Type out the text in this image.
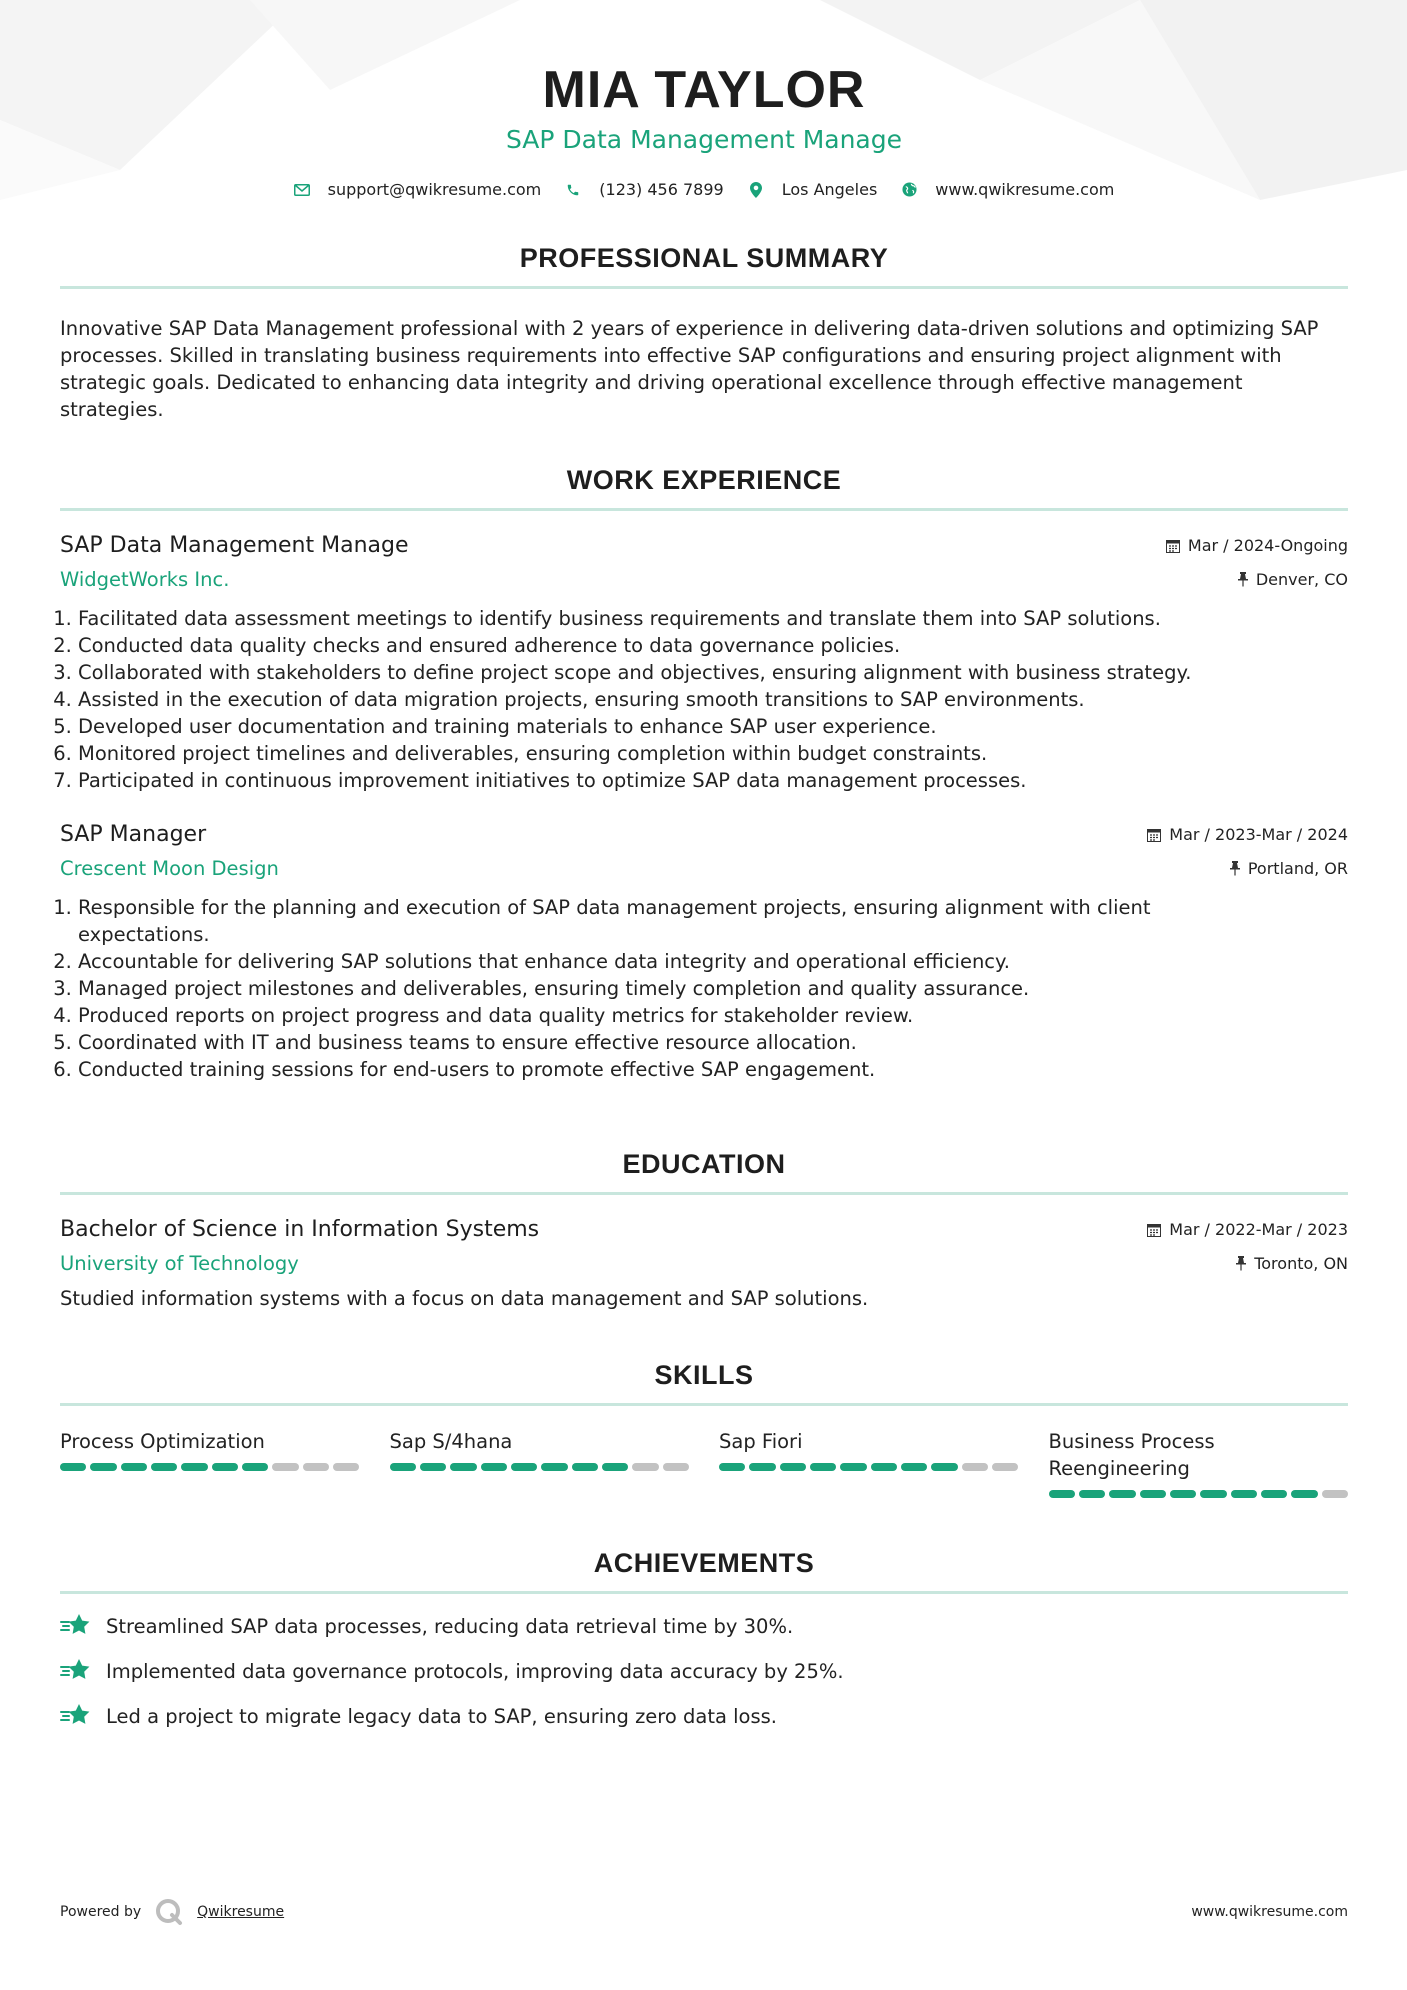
MIA TAYLOR
SAP Data Management Manage
support@qwikresume.com	(123) 456 7899	Los Angeles	www.qwikresume.com
PROFESSIONAL SUMMARY
Innovative SAP Data Management professional with 2 years of experience in delivering data-driven solutions and optimizing SAP processes. Skilled in translating business requirements into effective SAP configurations and ensuring project alignment with strategic goals. Dedicated to enhancing data integrity and driving operational excellence through effective management strategies.
WORK EXPERIENCE
SAP Data Management Manage	Mar / 2024-Ongoing
WidgetWorks Inc.	Denver, CO
1. Facilitated data assessment meetings to identify business requirements and translate them into SAP solutions.
2. Conducted data quality checks and ensured adherence to data governance policies.
3. Collaborated with stakeholders to define project scope and objectives, ensuring alignment with business strategy.
4. Assisted in the execution of data migration projects, ensuring smooth transitions to SAP environments.
5. Developed user documentation and training materials to enhance SAP user experience.
6. Monitored project timelines and deliverables, ensuring completion within budget constraints.
7. Participated in continuous improvement initiatives to optimize SAP data management processes.
SAP Manager	Mar / 2023-Mar / 2024
Crescent Moon Design	Portland, OR
1. Responsible for the planning and execution of SAP data management projects, ensuring alignment with client expectations.
2. Accountable for delivering SAP solutions that enhance data integrity and operational efficiency.
3. Managed project milestones and deliverables, ensuring timely completion and quality assurance.
4. Produced reports on project progress and data quality metrics for stakeholder review.
5. Coordinated with IT and business teams to ensure effective resource allocation.
6. Conducted training sessions for end-users to promote effective SAP engagement.
EDUCATION
Bachelor of Science in Information Systems	Mar / 2022-Mar / 2023
University of Technology	Toronto, ON
Studied information systems with a focus on data management and SAP solutions.
SKILLS
Process Optimization	Sap S/4hana	Sap Fiori	Business Process Reengineering
ACHIEVEMENTS
Streamlined SAP data processes, reducing data retrieval time by 30%.
Implemented data governance protocols, improving data accuracy by 25%.
Led a project to migrate legacy data to SAP, ensuring zero data loss.
Powered by	Qwikresume	www.qwikresume.com
